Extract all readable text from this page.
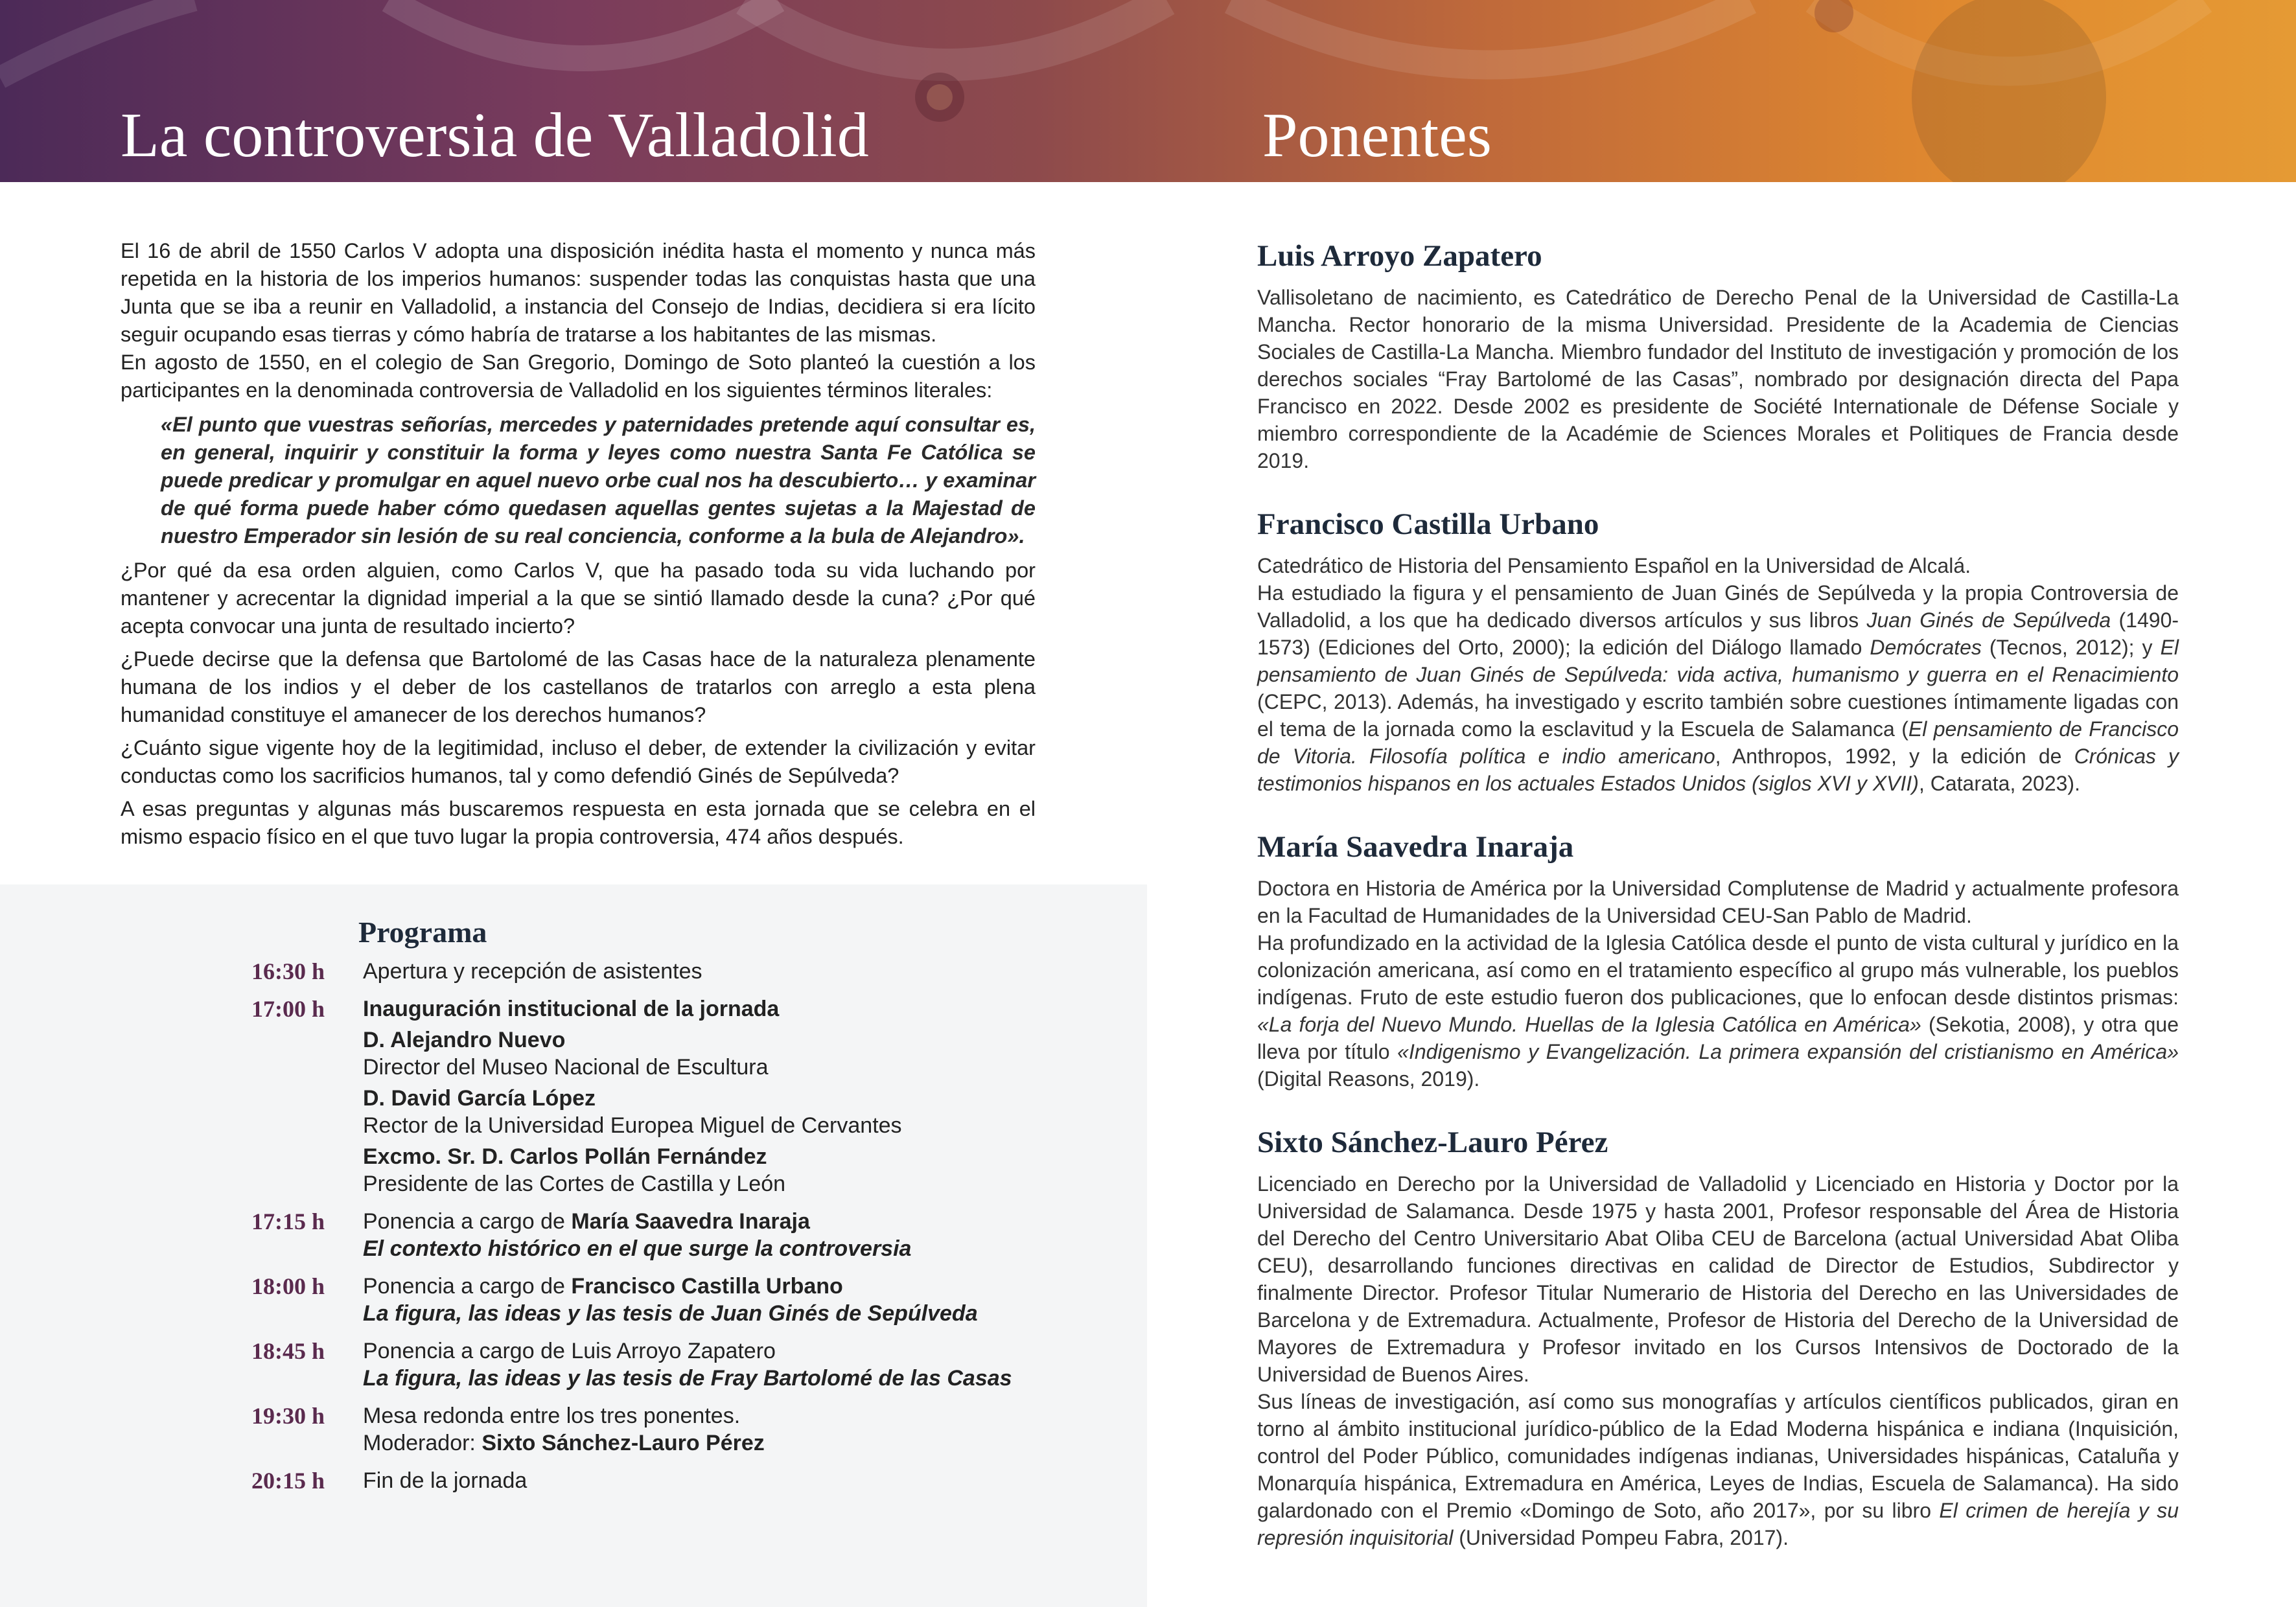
La controversia de Valladolid	Ponentes

El 16 de abril de 1550 Carlos V adopta una disposición inédita hasta el momento y nunca más repetida en la historia de los imperios humanos: suspender todas las conquistas hasta que una Junta que se iba a reunir en Valladolid, a instancia del Consejo de Indias, decidiera si era lícito seguir ocupando esas tierras y cómo habría de tratarse a los habitantes de las mismas.

En agosto de 1550, en el colegio de San Gregorio, Domingo de Soto planteó la cuestión a los participantes en la denominada controversia de Valladolid en los siguientes términos literales:

«El punto que vuestras señorías, mercedes y paternidades pretende aquí consultar es, en general, inquirir y constituir la forma y leyes como nuestra Santa Fe Católica se puede predicar y promulgar en aquel nuevo orbe cual nos ha descubierto… y examinar de qué forma puede haber cómo quedasen aquellas gentes sujetas a la Majestad de nuestro Emperador sin lesión de su real conciencia, conforme a la bula de Alejandro».

¿Por qué da esa orden alguien, como Carlos V, que ha pasado toda su vida luchando por mantener y acrecentar la dignidad imperial a la que se sintió llamado desde la cuna? ¿Por qué acepta convocar una junta de resultado incierto?

¿Puede decirse que la defensa que Bartolomé de las Casas hace de la naturaleza plenamente humana de los indios y el deber de los castellanos de tratarlos con arreglo a esta plena humanidad constituye el amanecer de los derechos humanos?

¿Cuánto sigue vigente hoy de la legitimidad, incluso el deber, de extender la civilización y evitar conductas como los sacrificios humanos, tal y como defendió Ginés de Sepúlveda?

A esas preguntas y algunas más buscaremos respuesta en esta jornada que se celebra en el mismo espacio físico en el que tuvo lugar la propia controversia, 474 años después.

Programa
16:30 h	Apertura y recepción de asistentes
17:00 h	Inauguración institucional de la jornada
D. Alejandro Nuevo
Director del Museo Nacional de Escultura
D. David García López
Rector de la Universidad Europea Miguel de Cervantes
Excmo. Sr. D. Carlos Pollán Fernández
Presidente de las Cortes de Castilla y León
17:15 h	Ponencia a cargo de María Saavedra Inaraja
El contexto histórico en el que surge la controversia
18:00 h	Ponencia a cargo de Francisco Castilla Urbano
La figura, las ideas y las tesis de Juan Ginés de Sepúlveda
18:45 h	Ponencia a cargo de Luis Arroyo Zapatero
La figura, las ideas y las tesis de Fray Bartolomé de las Casas
19:30 h	Mesa redonda entre los tres ponentes.
Moderador: Sixto Sánchez-Lauro Pérez
20:15 h	Fin de la jornada
Luis Arroyo Zapatero

Vallisoletano de nacimiento, es Catedrático de Derecho Penal de la Universidad de Castilla-La Mancha. Rector honorario de la misma Universidad. Presidente de la Academia de Ciencias Sociales de Castilla-La Mancha. Miembro fundador del Instituto de investigación y promoción de los derechos sociales “Fray Bartolomé de las Casas”, nombrado por designación directa del Papa Francisco en 2022. Desde 2002 es presidente de Société Internationale de Défense Sociale y miembro correspondiente de la Académie de Sciences Morales et Politiques de Francia desde 2019.

Francisco Castilla Urbano

Catedrático de Historia del Pensamiento Español en la Universidad de Alcalá.

Ha estudiado la figura y el pensamiento de Juan Ginés de Sepúlveda y la propia Controversia de Valladolid, a los que ha dedicado diversos artículos y sus libros Juan Ginés de Sepúlveda (1490-1573) (Ediciones del Orto, 2000); la edición del Diálogo llamado Demócrates (Tecnos, 2012); y El pensamiento de Juan Ginés de Sepúlveda: vida activa, humanismo y guerra en el Renacimiento (CEPC, 2013). Además, ha investigado y escrito también sobre cuestiones íntimamente ligadas con el tema de la jornada como la esclavitud y la Escuela de Salamanca (El pensamiento de Francisco de Vitoria. Filosofía política e indio americano, Anthropos, 1992, y la edición de Crónicas y testimonios hispanos en los actuales Estados Unidos (siglos XVI y XVII), Catarata, 2023).

María Saavedra Inaraja

Doctora en Historia de América por la Universidad Complutense de Madrid y actualmente profesora en la Facultad de Humanidades de la Universidad CEU-San Pablo de Madrid.

Ha profundizado en la actividad de la Iglesia Católica desde el punto de vista cultural y jurídico en la colonización americana, así como en el tratamiento específico al grupo más vulnerable, los pueblos indígenas. Fruto de este estudio fueron dos publicaciones, que lo enfocan desde distintos prismas: «La forja del Nuevo Mundo. Huellas de la Iglesia Católica en América» (Sekotia, 2008), y otra que lleva por título «Indigenismo y Evangelización. La primera expansión del cristianismo en América» (Digital Reasons, 2019).

Sixto Sánchez-Lauro Pérez

Licenciado en Derecho por la Universidad de Valladolid y Licenciado en Historia y Doctor por la Universidad de Salamanca. Desde 1975 y hasta 2001, Profesor responsable del Área de Historia del Derecho del Centro Universitario Abat Oliba CEU de Barcelona (actual Universidad Abat Oliba CEU), desarrollando funciones directivas en calidad de Director de Estudios, Subdirector y finalmente Director. Profesor Titular Numerario de Historia del Derecho en las Universidades de Barcelona y de Extremadura. Actualmente, Profesor de Historia del Derecho de la Universidad de Mayores de Extremadura y Profesor invitado en los Cursos Intensivos de Doctorado de la Universidad de Buenos Aires.

Sus líneas de investigación, así como sus monografías y artículos científicos publicados, giran en torno al ámbito institucional jurídico-público de la Edad Moderna hispánica e indiana (Inquisición, control del Poder Público, comunidades indígenas indianas, Universidades hispánicas, Cataluña y Monarquía hispánica, Extremadura en América, Leyes de Indias, Escuela de Salamanca). Ha sido galardonado con el Premio «Domingo de Soto, año 2017», por su libro El crimen de herejía y su represión inquisitorial (Universidad Pompeu Fabra, 2017).
